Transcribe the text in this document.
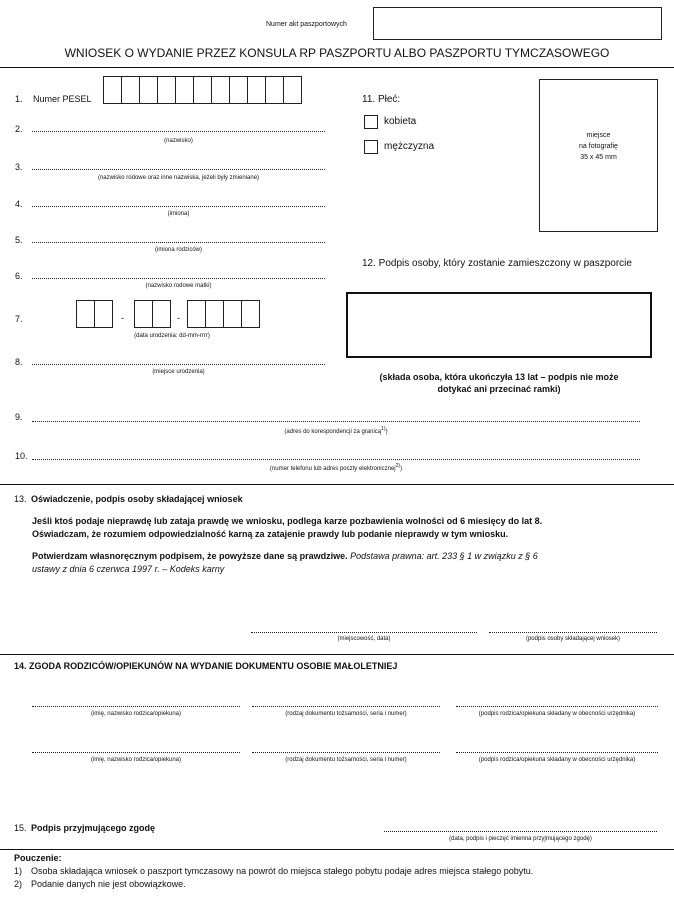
Numer akt paszportowych
WNIOSEK O WYDANIE PRZEZ KONSULA RP PASZPORTU ALBO PASZPORTU TYMCZASOWEGO
1. Numer PESEL
2.
(nazwisko)
3.
(nazwisko rodowe oraz inne nazwiska, jeżeli były zmieniane)
4.
(imiona)
5.
(imiona rodziców)
6.
(nazwisko rodowe matki)
7.	-	-
(data urodzenia: dd-mm-rrrr)
8.
(miejsce urodzenia)
11. Płeć:
kobieta
mężczyzna
miejsce
na fotografię
35 x 45 mm
12. Podpis osoby, który zostanie zamieszczony w paszporcie
(składa osoba, która ukończyła 13 lat – podpis nie może
dotykać ani przecinać ramki)
9.
(adres do korespondencji za granicą$^{1)}$)
10.
(numer telefonu lub adres poczty elektronicznej$^{2)}$)
13. Oświadczenie, podpis osoby składającej wniosek
Jeśli ktoś podaje nieprawdę lub zataja prawdę we wniosku, podlega karze pozbawienia wolności od 6 miesięcy do lat 8.
Oświadczam, że rozumiem odpowiedzialność karną za zatajenie prawdy lub podanie nieprawdy w tym wniosku.
Potwierdzam własnoręcznym podpisem, że powyższe dane są prawdziwe. Podstawa prawna: art. 233 § 1 w związku z § 6
ustawy z dnia 6 czerwca 1997 r. – Kodeks karny
(miejscowość, data)	(podpis osoby składającej wniosek)
14. ZGODA RODZICÓW/OPIEKUNÓW NA WYDANIE DOKUMENTU OSOBIE MAŁOLETNIEJ
(imię, nazwisko rodzica/opiekuna)	(rodzaj dokumentu tożsamości, seria i numer)	(podpis rodzica/opiekuna składany w obecności urzędnika)
(imię, nazwisko rodzica/opiekuna)	(rodzaj dokumentu tożsamości, seria i numer)	(podpis rodzica/opiekuna składany w obecności urzędnika)
15. Podpis przyjmującego zgodę
(data, podpis i pieczęć imienna przyjmującego zgodę)
Pouczenie:
1) Osoba składająca wniosek o paszport tymczasowy na powrót do miejsca stałego pobytu podaje adres miejsca stałego pobytu.
2) Podanie danych nie jest obowiązkowe.
